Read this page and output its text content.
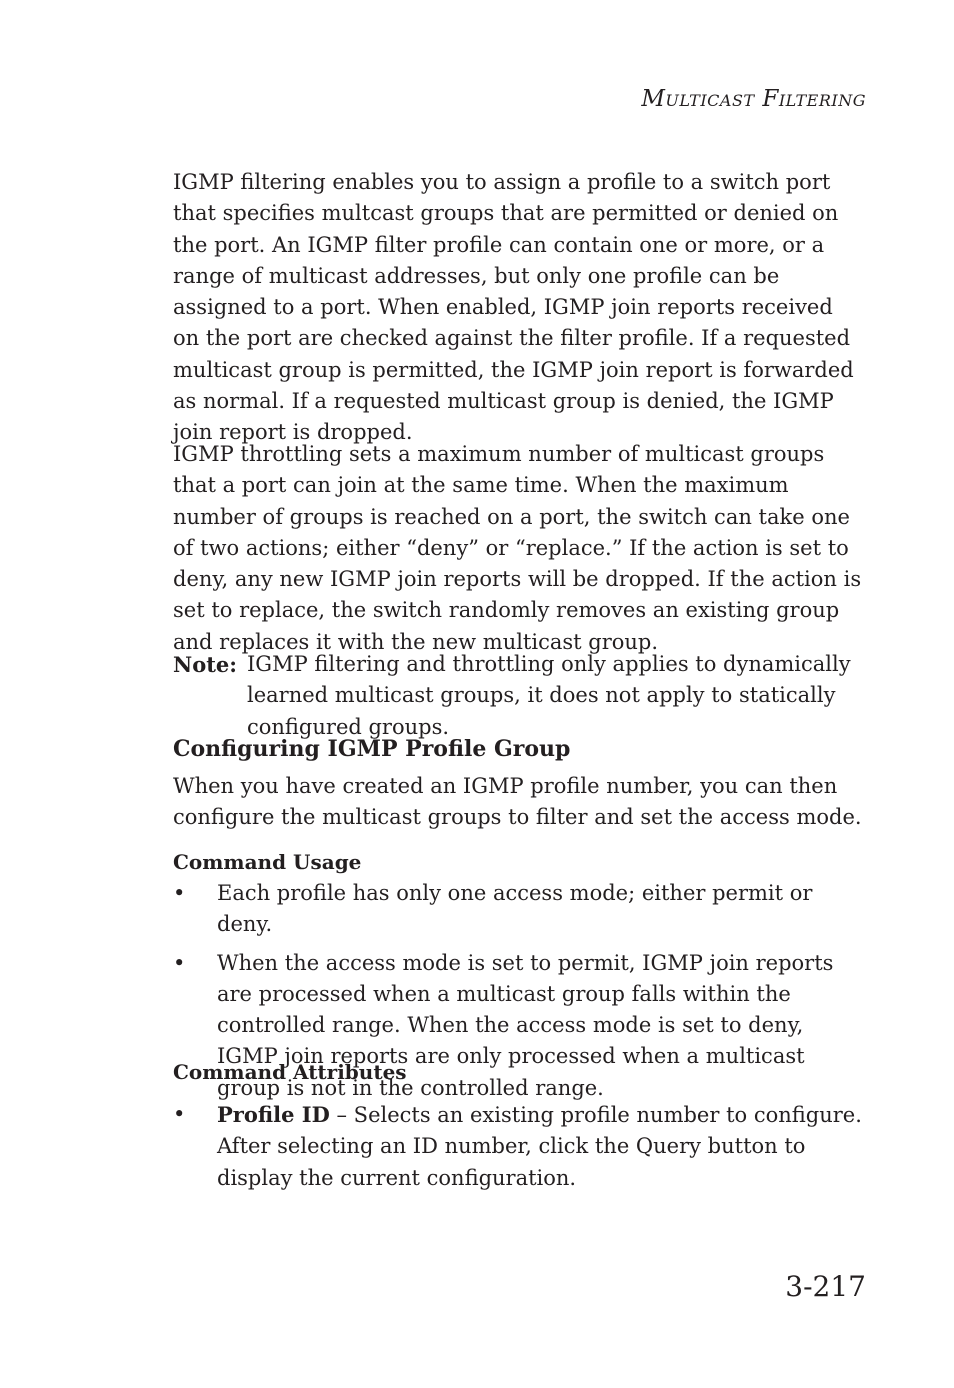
Multicast Filtering

IGMP filtering enables you to assign a profile to a switch port that specifies multcast groups that are permitted or denied on the port. An IGMP filter profile can contain one or more, or a range of multicast addresses, but only one profile can be assigned to a port. When enabled, IGMP join reports received on the port are checked against the filter profile. If a requested multicast group is permitted, the IGMP join report is forwarded as normal. If a requested multicast group is denied, the IGMP join report is dropped.

IGMP throttling sets a maximum number of multicast groups that a port can join at the same time. When the maximum number of groups is reached on a port, the switch can take one of two actions; either “deny” or “replace.” If the action is set to deny, any new IGMP join reports will be dropped. If the action is set to replace, the switch randomly removes an existing group and replaces it with the new multicast group.

Note: IGMP filtering and throttling only applies to dynamically learned multicast groups, it does not apply to statically configured groups.
Configuring IGMP Profile Group

When you have created an IGMP profile number, you can then configure the multicast groups to filter and set the access mode.

Command Usage
•	Each profile has only one access mode; either permit or deny.
•	When the access mode is set to permit, IGMP join reports are processed when a multicast group falls within the controlled range. When the access mode is set to deny, IGMP join reports are only processed when a multicast group is not in the controlled range.
Command Attributes
•	Profile ID – Selects an existing profile number to configure. After selecting an ID number, click the Query button to display the current configuration.
3-217
